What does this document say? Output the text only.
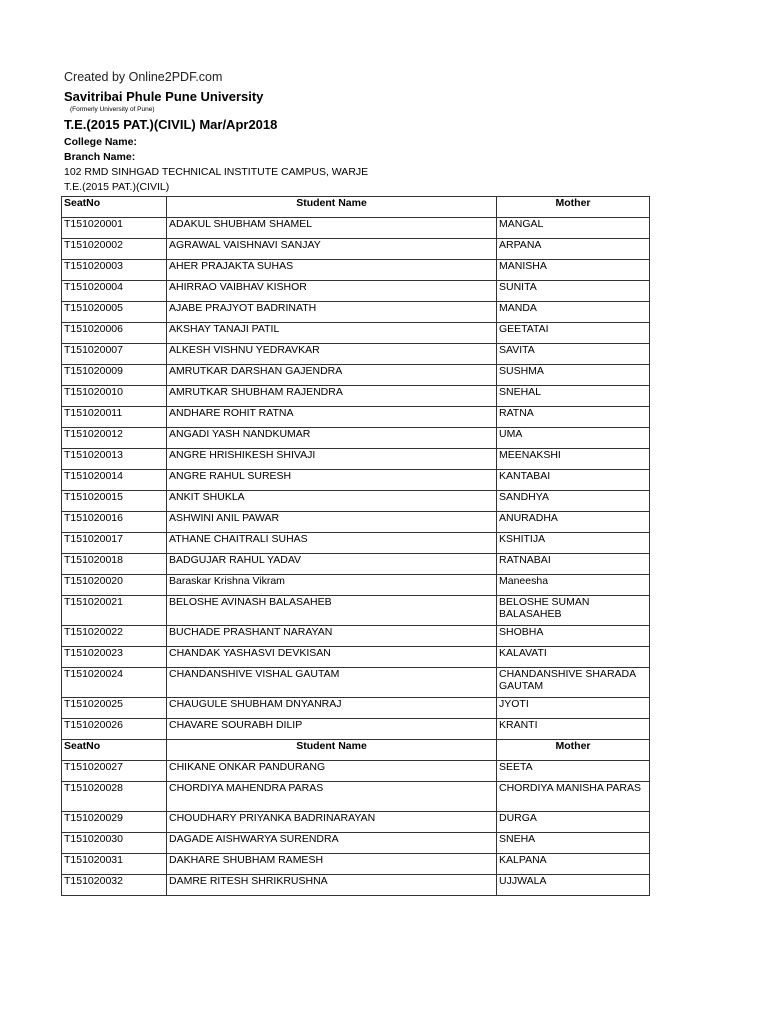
Created by Online2PDF.com
Savitribai Phule Pune University
(Formerly University of Pune)
T.E.(2015 PAT.)(CIVIL) Mar/Apr2018
College Name:
Branch Name:
102 RMD SINHGAD TECHNICAL INSTITUTE CAMPUS, WARJE
T.E.(2015 PAT.)(CIVIL)
SeatNo	Student Name	Mother
T151020001	ADAKUL SHUBHAM SHAMEL	MANGAL
T151020002	AGRAWAL VAISHNAVI SANJAY	ARPANA
T151020003	AHER PRAJAKTA SUHAS	MANISHA
T151020004	AHIRRAO VAIBHAV KISHOR	SUNITA
T151020005	AJABE PRAJYOT BADRINATH	MANDA
T151020006	AKSHAY TANAJI PATIL	GEETATAI
T151020007	ALKESH VISHNU YEDRAVKAR	SAVITA
T151020009	AMRUTKAR DARSHAN GAJENDRA	SUSHMA
T151020010	AMRUTKAR SHUBHAM RAJENDRA	SNEHAL
T151020011	ANDHARE ROHIT RATNA	RATNA
T151020012	ANGADI YASH NANDKUMAR	UMA
T151020013	ANGRE HRISHIKESH SHIVAJI	MEENAKSHI
T151020014	ANGRE RAHUL SURESH	KANTABAI
T151020015	ANKIT SHUKLA	SANDHYA
T151020016	ASHWINI ANIL PAWAR	ANURADHA
T151020017	ATHANE CHAITRALI SUHAS	KSHITIJA
T151020018	BADGUJAR RAHUL YADAV	RATNABAI
T151020020	Baraskar Krishna Vikram	Maneesha
T151020021	BELOSHE AVINASH BALASAHEB	BELOSHE SUMAN BALASAHEB
T151020022	BUCHADE PRASHANT NARAYAN	SHOBHA
T151020023	CHANDAK YASHASVI DEVKISAN	KALAVATI
T151020024	CHANDANSHIVE VISHAL GAUTAM	CHANDANSHIVE SHARADA GAUTAM
T151020025	CHAUGULE SHUBHAM DNYANRAJ	JYOTI
T151020026	CHAVARE SOURABH DILIP	KRANTI
SeatNo	Student Name	Mother
T151020027	CHIKANE ONKAR PANDURANG	SEETA
T151020028	CHORDIYA MAHENDRA PARAS	CHORDIYA MANISHA PARAS
T151020029	CHOUDHARY PRIYANKA BADRINARAYAN	DURGA
T151020030	DAGADE AISHWARYA SURENDRA	SNEHA
T151020031	DAKHARE SHUBHAM RAMESH	KALPANA
T151020032	DAMRE RITESH SHRIKRUSHNA	UJJWALA
